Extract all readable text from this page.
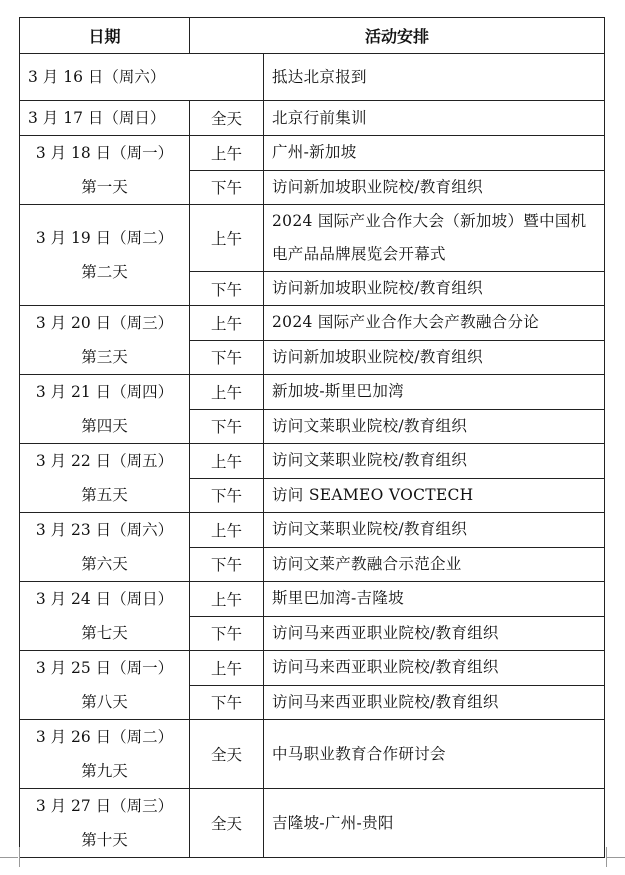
日期	活动安排	

3 月 16 日（周六）		抵达北京报到

3 月 17 日（周日）	全天	北京行前集训

3 月 18 日（周一）
第一天	上午	广州-新加坡
	下午	访问新加坡职业院校/教育组织

3 月 19 日（周二）
第二天	上午	2024 国际产业合作大会（新加坡）暨中国机电产品品牌展览会开幕式
	下午	访问新加坡职业院校/教育组织

3 月 20 日（周三）
第三天	上午	2024 国际产业合作大会产教融合分论
	下午	访问新加坡职业院校/教育组织

3 月 21 日（周四）
第四天	上午	新加坡-斯里巴加湾
	下午	访问文莱职业院校/教育组织

3 月 22 日（周五）
第五天	上午	访问文莱职业院校/教育组织
	下午	访问 SEAMEO VOCTECH

3 月 23 日（周六）
第六天	上午	访问文莱职业院校/教育组织
	下午	访问文莱产教融合示范企业

3 月 24 日（周日）
第七天	上午	斯里巴加湾-吉隆坡
	下午	访问马来西亚职业院校/教育组织

3 月 25 日（周一）
第八天	上午	访问马来西亚职业院校/教育组织
	下午	访问马来西亚职业院校/教育组织

3 月 26 日（周二）
第九天	全天	中马职业教育合作研讨会

3 月 27 日（周三）
第十天	全天	吉隆坡-广州-贵阳
